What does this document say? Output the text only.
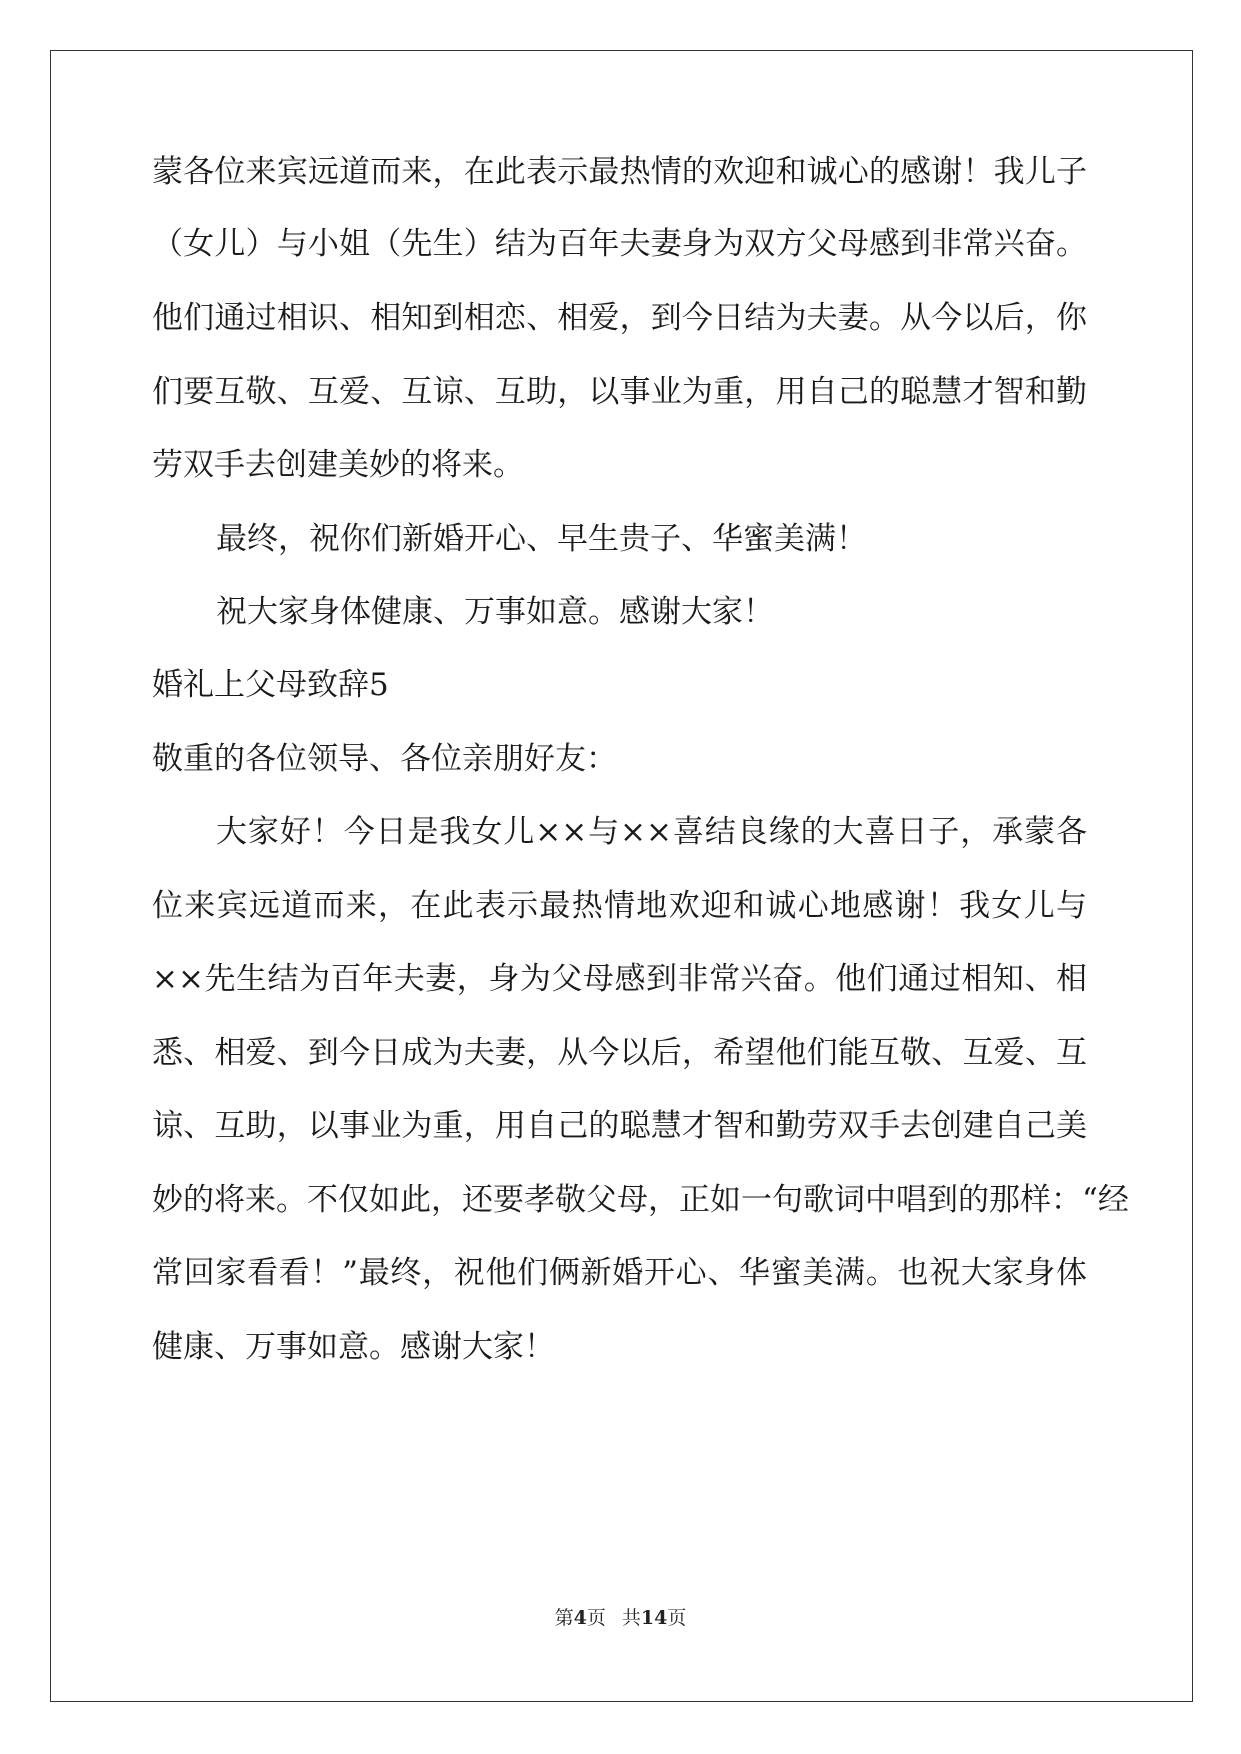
蒙各位来宾远道而来，在此表示最热情的欢迎和诚心的感谢！我儿子
（女儿）与小姐（先生）结为百年夫妻身为双方父母感到非常兴奋。
他们通过相识、相知到相恋、相爱，到今日结为夫妻。从今以后，你
们要互敬、互爱、互谅、互助，以事业为重，用自己的聪慧才智和勤
劳双手去创建美妙的将来。
最终，祝你们新婚开心、早生贵子、华蜜美满！
祝大家身体健康、万事如意。感谢大家！
婚礼上父母致辞5
敬重的各位领导、各位亲朋好友：
大家好！今日是我女儿××与××喜结良缘的大喜日子，承蒙各
位来宾远道而来，在此表示最热情地欢迎和诚心地感谢！我女儿与
××先生结为百年夫妻，身为父母感到非常兴奋。他们通过相知、相
悉、相爱、到今日成为夫妻，从今以后，希望他们能互敬、互爱、互
谅、互助，以事业为重，用自己的聪慧才智和勤劳双手去创建自己美
妙的将来。不仅如此，还要孝敬父母，正如一句歌词中唱到的那样：“经
常回家看看！”最终，祝他们俩新婚开心、华蜜美满。也祝大家身体
健康、万事如意。感谢大家！
第4页 共14页
